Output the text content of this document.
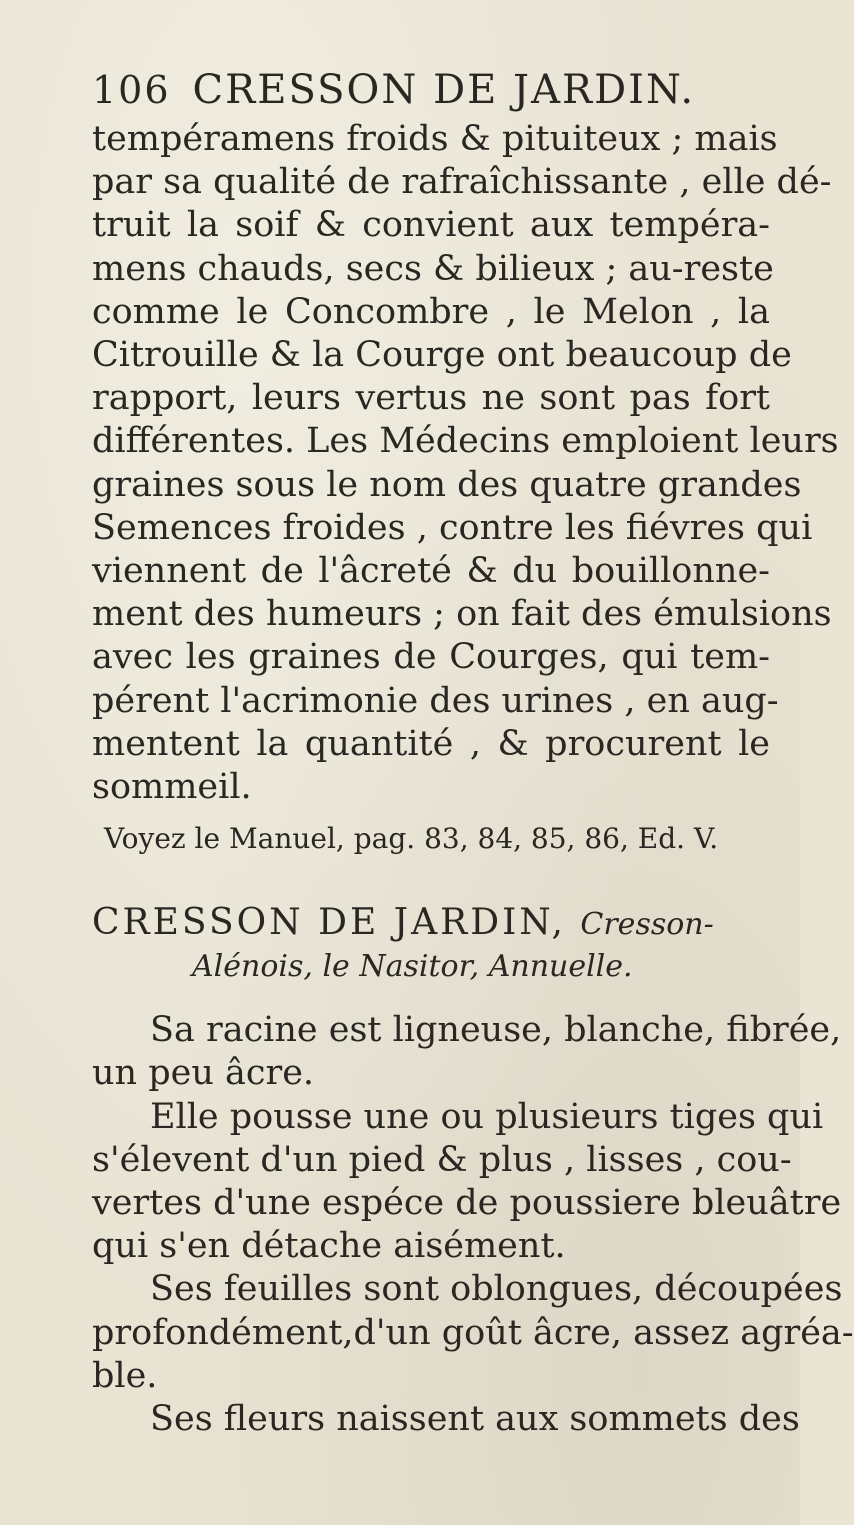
106 CRESSON DE JARDIN.
tempéramens froids & pituiteux ; mais
par sa qualité de rafraîchissante , elle dé-
truit la soif & convient aux tempéra-
mens chauds, secs & bilieux ; au-reste
comme le Concombre , le Melon , la
Citrouille & la Courge ont beaucoup de
rapport, leurs vertus ne sont pas fort
différentes. Les Médecins emploient leurs
graines sous le nom des quatre grandes
Semences froides , contre les fiévres qui
viennent de l'âcreté & du bouillonne-
ment des humeurs ; on fait des émulsions
avec les graines de Courges, qui tem-
pérent l'acrimonie des urines , en aug-
mentent la quantité , & procurent le
sommeil.
Voyez le Manuel, pag. 83, 84, 85, 86, Ed. V.
CRESSON DE JARDIN, Cresson-
Alénois, le Nasitor, Annuelle.
Sa racine est ligneuse, blanche, fibrée,
un peu âcre.
Elle pousse une ou plusieurs tiges qui
s'élevent d'un pied & plus , lisses , cou-
vertes d'une espéce de poussiere bleuâtre
qui s'en détache aisément.
Ses feuilles sont oblongues, découpées
profondément,d'un goût âcre, assez agréa-
ble.
Ses fleurs naissent aux sommets des
